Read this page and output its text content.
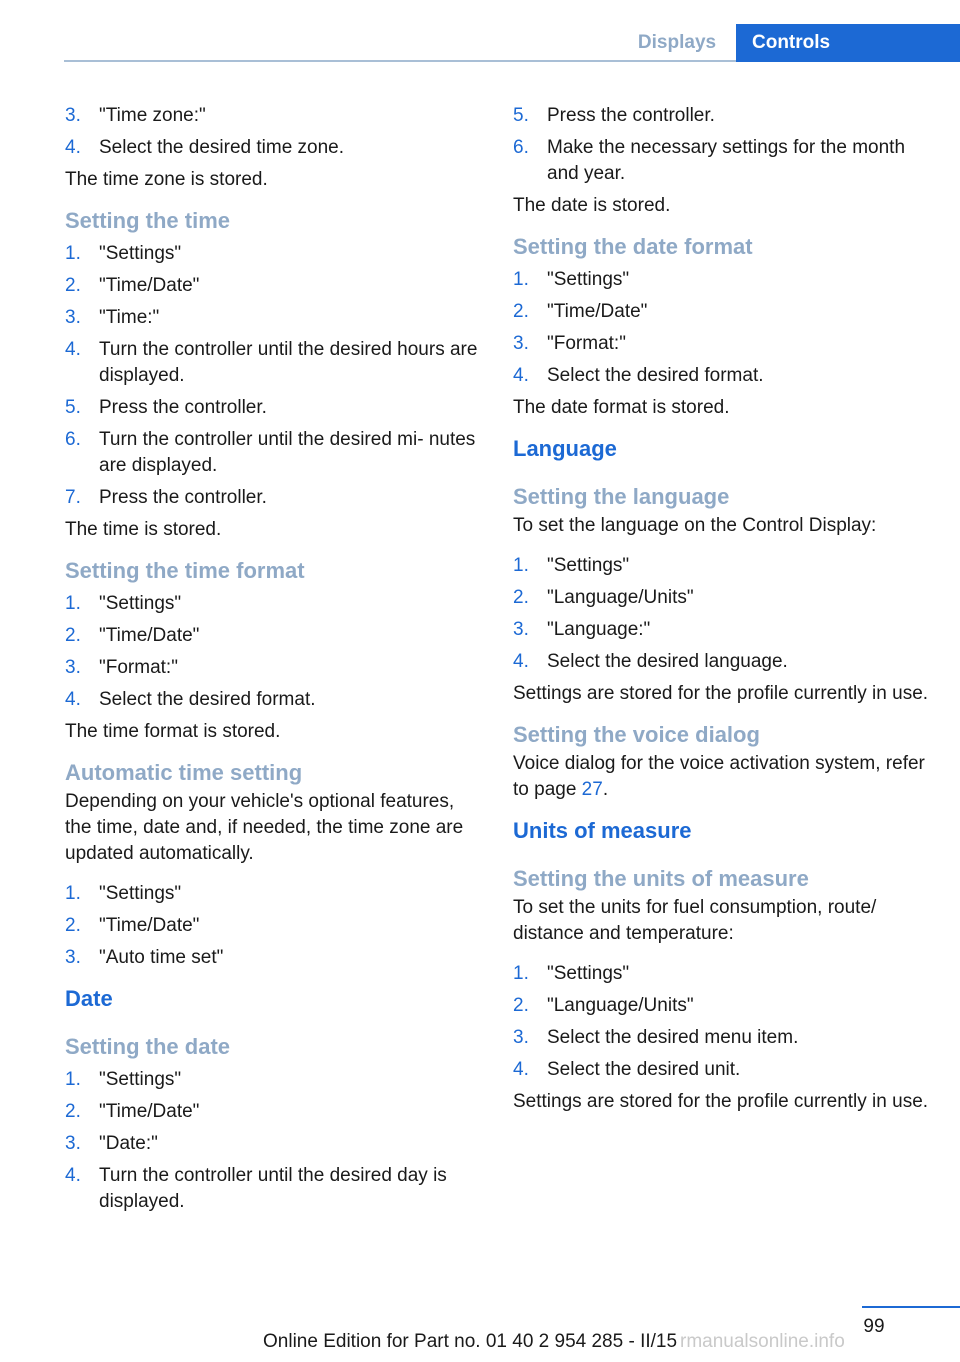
Displays	Controls
3. "Time zone:"
4. Select the desired time zone.

The time zone is stored.

Setting the time
1. "Settings"
2. "Time/Date"
3. "Time:"
4. Turn the controller until the desired hours are displayed.
5. Press the controller.
6. Turn the controller until the desired mi‐ nutes are displayed.
7. Press the controller.

The time is stored.

Setting the time format
1. "Settings"
2. "Time/Date"
3. "Format:"
4. Select the desired format.

The time format is stored.

Automatic time setting

Depending on your vehicle's optional features, the time, date and, if needed, the time zone are updated automatically.

1. "Settings"
2. "Time/Date"
3. "Auto time set"
Date
Setting the date
1. "Settings"
2. "Time/Date"
3. "Date:"
4. Turn the controller until the desired day is displayed.
5. Press the controller.
6. Make the necessary settings for the month and year.

The date is stored.

Setting the date format
1. "Settings"
2. "Time/Date"
3. "Format:"
4. Select the desired format.

The date format is stored.

Language
Setting the language

To set the language on the Control Display:

1. "Settings"
2. "Language/Units"
3. "Language:"
4. Select the desired language.

Settings are stored for the profile currently in use.

Setting the voice dialog

Voice dialog for the voice activation system, refer to page 27.

Units of measure
Setting the units of measure

To set the units for fuel consumption, route/ distance and temperature:

1. "Settings"
2. "Language/Units"
3. Select the desired menu item.
4. Select the desired unit.

Settings are stored for the profile currently in use.

99
Online Edition for Part no. 01 40 2 954 285 - II/15 rmanualsonline.info
